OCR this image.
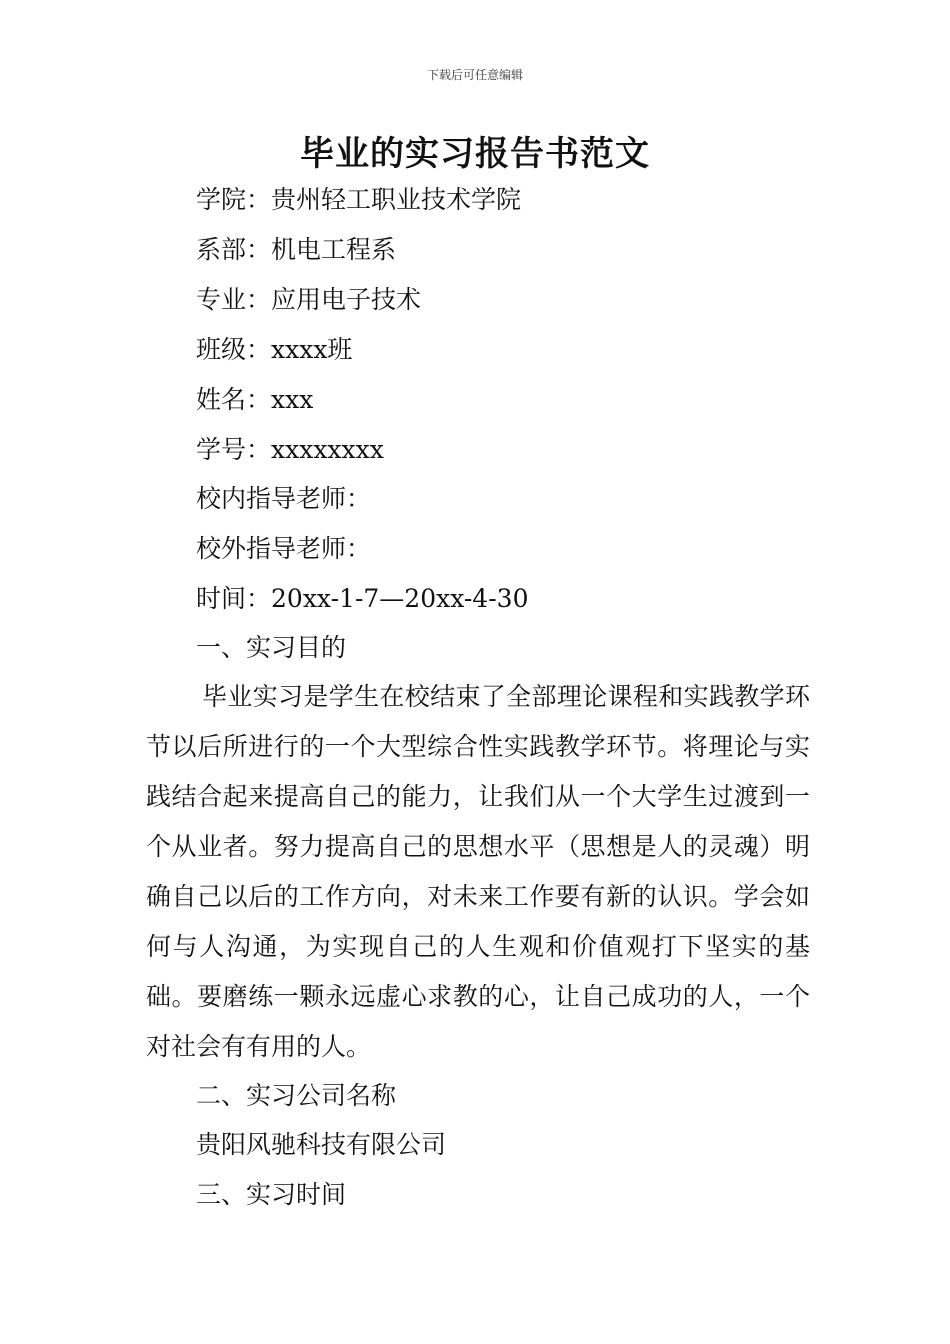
下载后可任意编辑
毕业的实习报告书范文
学院：贵州轻工职业技术学院
系部：机电工程系
专业：应用电子技术
班级：xxxx班
姓名：xxx
学号：xxxxxxxx
校内指导老师：
校外指导老师：
时间：20xx-1-7—20xx-4-30
一、实习目的

毕业实习是学生在校结束了全部理论课程和实践教学环节以后所进行的一个大型综合性实践教学环节。将理论与实践结合起来提高自己的能力，让我们从一个大学生过渡到一个从业者。努力提高自己的思想水平（思想是人的灵魂）明确自己以后的工作方向，对未来工作要有新的认识。学会如何与人沟通，为实现自己的人生观和价值观打下坚实的基础。要磨练一颗永远虚心求教的心，让自己成功的人，一个对社会有有用的人。

二、实习公司名称
贵阳风驰科技有限公司
三、实习时间
